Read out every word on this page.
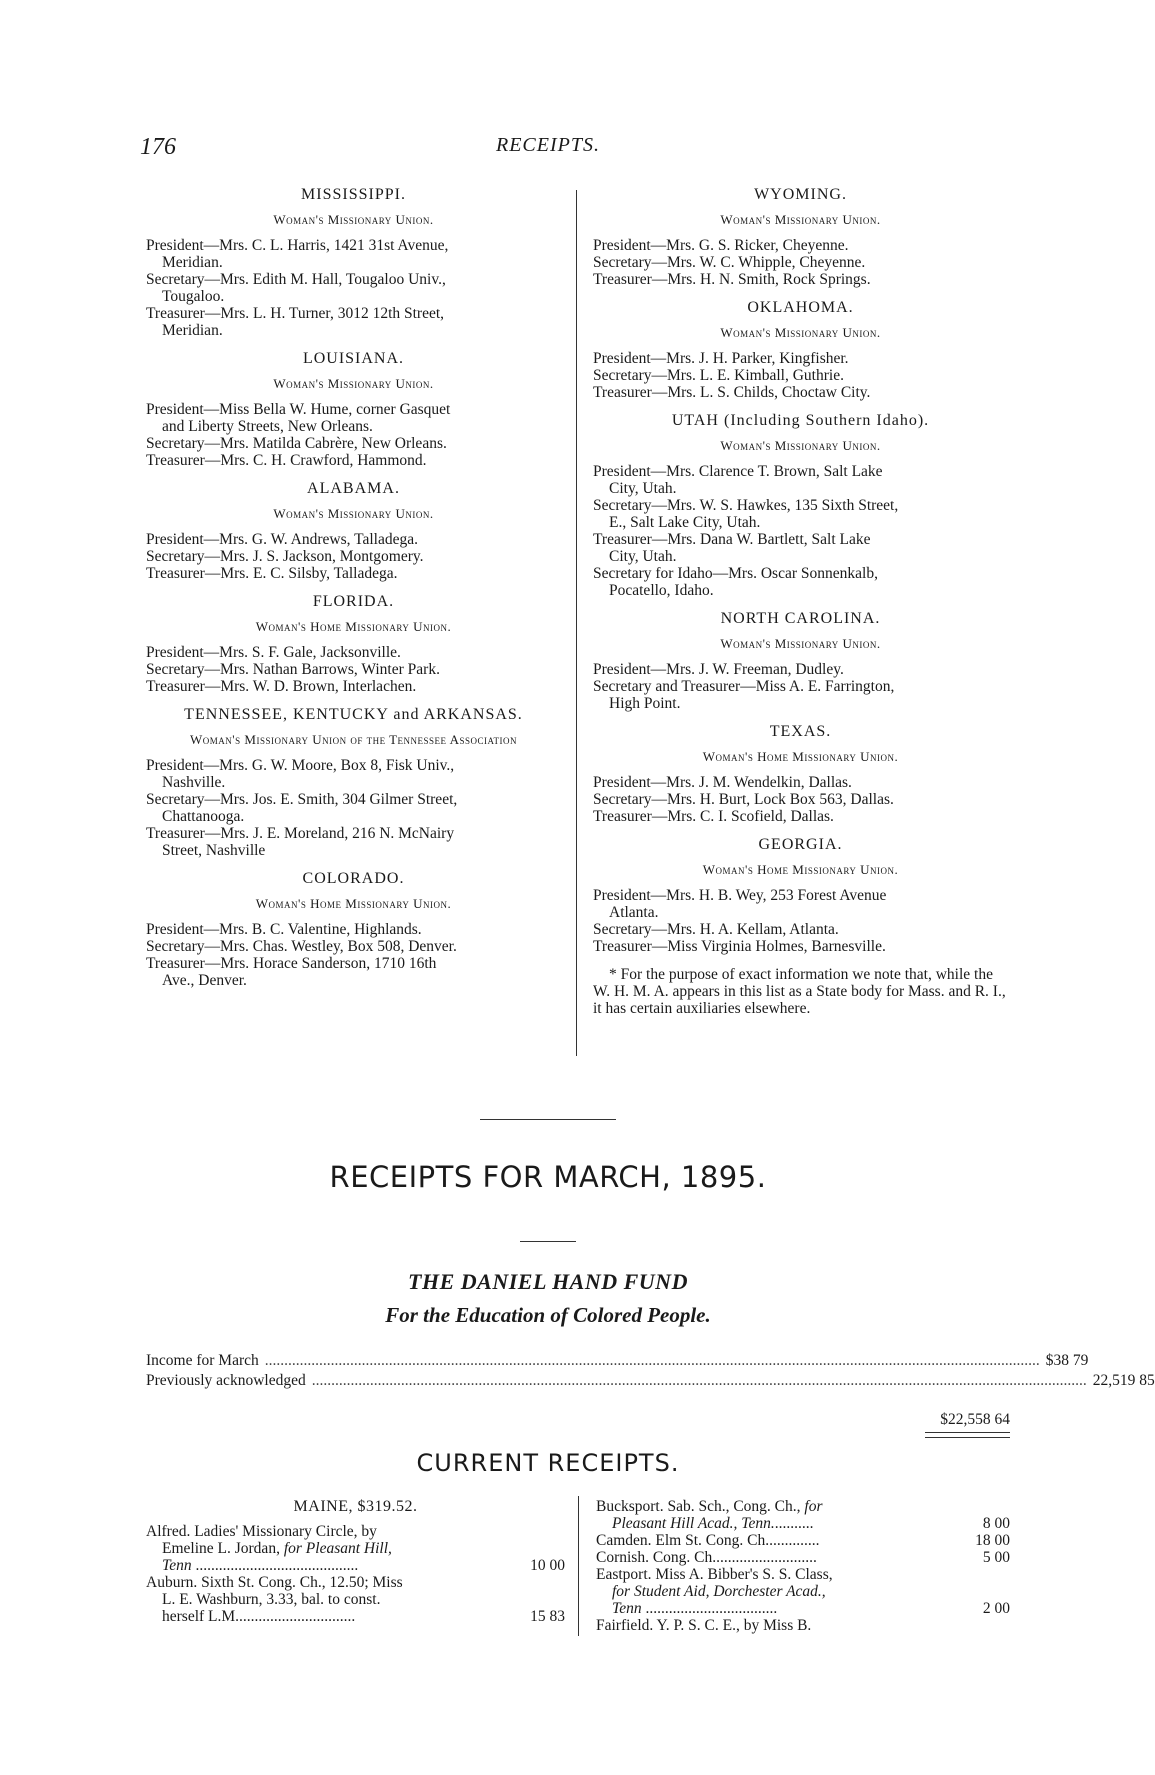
176	RECEIPTS.
MISSISSIPPI.
Woman's Missionary Union.
President—Mrs. C. L. Harris, 1421 31st Avenue,
Meridian.
Secretary—Mrs. Edith M. Hall, Tougaloo Univ.,
Tougaloo.
Treasurer—Mrs. L. H. Turner, 3012 12th Street,
Meridian.
LOUISIANA.
Woman's Missionary Union.
President—Miss Bella W. Hume, corner Gasquet
and Liberty Streets, New Orleans.
Secretary—Mrs. Matilda Cabrère, New Orleans.
Treasurer—Mrs. C. H. Crawford, Hammond.
ALABAMA.
Woman's Missionary Union.
President—Mrs. G. W. Andrews, Talladega.
Secretary—Mrs. J. S. Jackson, Montgomery.
Treasurer—Mrs. E. C. Silsby, Talladega.
FLORIDA.
Woman's Home Missionary Union.
President—Mrs. S. F. Gale, Jacksonville.
Secretary—Mrs. Nathan Barrows, Winter Park.
Treasurer—Mrs. W. D. Brown, Interlachen.
TENNESSEE, KENTUCKY and ARKANSAS.
Woman's Missionary Union of the Tennessee Association
President—Mrs. G. W. Moore, Box 8, Fisk Univ.,
Nashville.
Secretary—Mrs. Jos. E. Smith, 304 Gilmer Street,
Chattanooga.
Treasurer—Mrs. J. E. Moreland, 216 N. McNairy
Street, Nashville
COLORADO.
Woman's Home Missionary Union.
President—Mrs. B. C. Valentine, Highlands.
Secretary—Mrs. Chas. Westley, Box 508, Denver.
Treasurer—Mrs. Horace Sanderson, 1710 16th
Ave., Denver.
WYOMING.
Woman's Missionary Union.
President—Mrs. G. S. Ricker, Cheyenne.
Secretary—Mrs. W. C. Whipple, Cheyenne.
Treasurer—Mrs. H. N. Smith, Rock Springs.
OKLAHOMA.
Woman's Missionary Union.
President—Mrs. J. H. Parker, Kingfisher.
Secretary—Mrs. L. E. Kimball, Guthrie.
Treasurer—Mrs. L. S. Childs, Choctaw City.
UTAH (Including Southern Idaho).
Woman's Missionary Union.
President—Mrs. Clarence T. Brown, Salt Lake
City, Utah.
Secretary—Mrs. W. S. Hawkes, 135 Sixth Street,
E., Salt Lake City, Utah.
Treasurer—Mrs. Dana W. Bartlett, Salt Lake
City, Utah.
Secretary for Idaho—Mrs. Oscar Sonnenkalb,
Pocatello, Idaho.
NORTH CAROLINA.
Woman's Missionary Union.
President—Mrs. J. W. Freeman, Dudley.
Secretary and Treasurer—Miss A. E. Farrington,
High Point.
TEXAS.
Woman's Home Missionary Union.
President—Mrs. J. M. Wendelkin, Dallas.
Secretary—Mrs. H. Burt, Lock Box 563, Dallas.
Treasurer—Mrs. C. I. Scofield, Dallas.
GEORGIA.
Woman's Home Missionary Union.
President—Mrs. H. B. Wey, 253 Forest Avenue
Atlanta.
Secretary—Mrs. H. A. Kellam, Atlanta.
Treasurer—Miss Virginia Holmes, Barnesville.
* For the purpose of exact information we note that, while the W. H. M. A. appears in this list as a State body for Mass. and R. I., it has certain auxiliaries elsewhere.
RECEIPTS FOR MARCH, 1895.
THE DANIEL HAND FUND
For the Education of Colored People.
Income for March ........................................................................................................................................................................................................ $38 79
Previously acknowledged ........................................................................................................................................................................................................ 22,519 85
$22,558 64
CURRENT RECEIPTS.
MAINE, $319.52.
Alfred. Ladies' Missionary Circle, by
Emeline L. Jordan, for Pleasant Hill,
Tenn ..........................................	10 00
Auburn. Sixth St. Cong. Ch., 12.50; Miss
L. E. Washburn, 3.33, bal. to const.
herself L.M...............................	15 83
Bucksport. Sab. Sch., Cong. Ch., for
Pleasant Hill Acad., Tenn...........	8 00
Camden. Elm St. Cong. Ch..............	18 00
Cornish. Cong. Ch...........................	5 00
Eastport. Miss A. Bibber's S. S. Class,
for Student Aid, Dorchester Acad.,
Tenn ..................................	2 00
Fairfield. Y. P. S. C. E., by Miss B.
